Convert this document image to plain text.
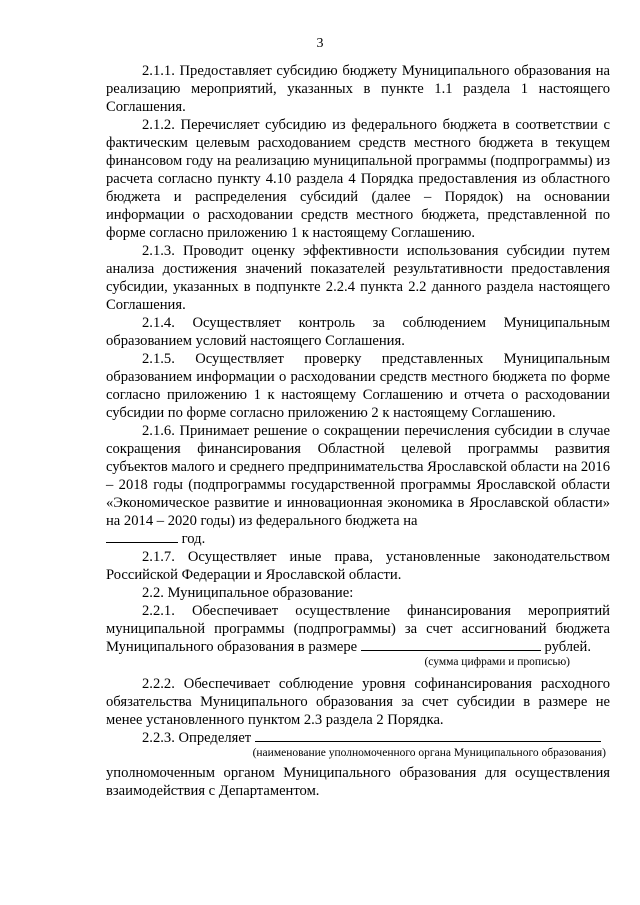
3

2.1.1. Предоставляет субсидию бюджету Муниципального образования на реализацию мероприятий, указанных в пункте 1.1 раздела 1 настоящего Соглашения.

2.1.2. Перечисляет субсидию из федерального бюджета в соответствии с фактическим целевым расходованием средств местного бюджета в текущем финансовом году на реализацию муниципальной программы (подпрограммы) из расчета согласно пункту 4.10 раздела 4 Порядка предоставления из областного бюджета и распределения субсидий (далее – Порядок) на основании информации о расходовании средств местного бюджета, представленной по форме согласно приложению 1 к настоящему Соглашению.

2.1.3. Проводит оценку эффективности использования субсидии путем анализа достижения значений показателей результативности предоставления субсидии, указанных в подпункте 2.2.4 пункта 2.2 данного раздела настоящего Соглашения.

2.1.4. Осуществляет контроль за соблюдением Муниципальным образованием условий настоящего Соглашения.

2.1.5. Осуществляет проверку представленных Муниципальным образованием информации о расходовании средств местного бюджета по форме согласно приложению 1 к настоящему Соглашению и отчета о расходовании субсидии по форме согласно приложению 2 к настоящему Соглашению.

2.1.6. Принимает решение о сокращении перечисления субсидии в случае сокращения финансирования Областной целевой программы развития субъектов малого и среднего предпринимательства Ярославской области на 2016 – 2018 годы (подпрограммы государственной программы Ярославской области «Экономическое развитие и инновационная экономика в Ярославской области» на 2014 – 2020 годы) из федерального бюджета на
год.

2.1.7. Осуществляет иные права, установленные законодательством Российской Федерации и Ярославской области.

2.2. Муниципальное образование:

2.2.1. Обеспечивает осуществление финансирования мероприятий муниципальной программы (подпрограммы) за счет ассигнований бюджета Муниципального образования в размере	рублей.

(сумма цифрами и прописью)

2.2.2. Обеспечивает соблюдение уровня софинансирования расходного обязательства Муниципального образования за счет субсидии в размере не менее установленного пунктом 2.3 раздела 2 Порядка.

2.2.3. Определяет

(наименование уполномоченного органа Муниципального образования)

уполномоченным органом Муниципального образования для осуществления взаимодействия с Департаментом.
